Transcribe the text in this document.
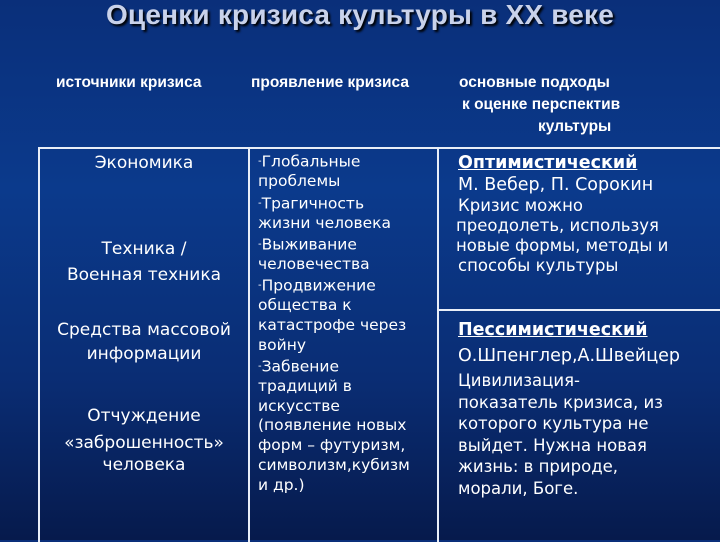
Оценки кризиса культуры в XX веке
источники кризиса	проявление кризиса	основные подходы
к оценке перспектив
культуры
Экономика
Техника /
Военная техника
Средства массовой
информации
Отчуждение
«заброшенность»
человека
-Глобальные
проблемы
-Трагичность
жизни человека
-Выживание
человечества
-Продвижение
общества к
катастрофе через
войну
-Забвение
традиций в
искусстве
(появление новых
форм – футуризм,
символизм,кубизм
и др.)
Оптимистический
М. Вебер, П. Сорокин
Кризис можно
преодолеть, используя
новые формы, методы и
способы культуры
Пессимистический
О.Шпенглер,А.Швейцер
Цивилизация-
показатель кризиса, из
которого культура не
выйдет. Нужна новая
жизнь: в природе,
морали, Боге.
